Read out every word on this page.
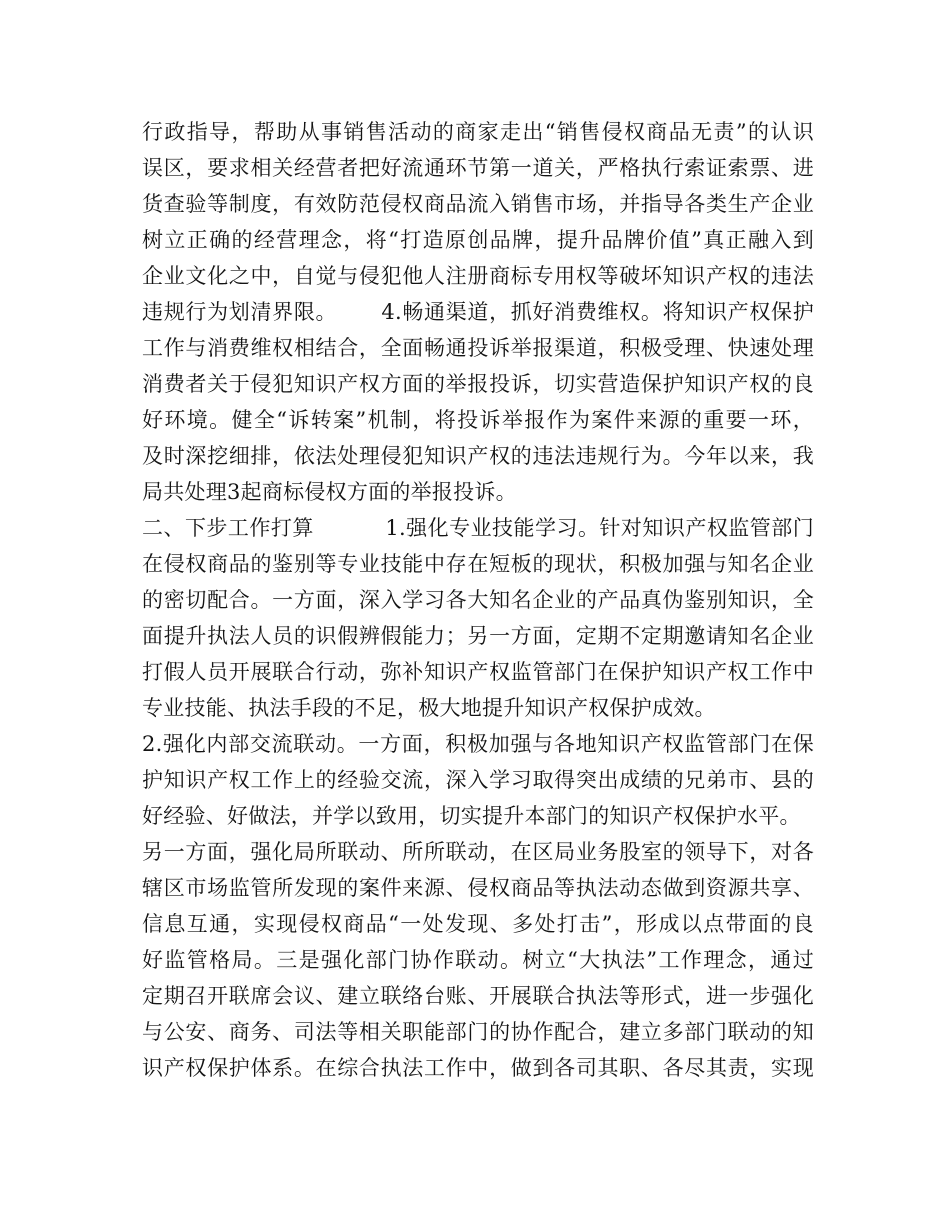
行政指导，帮助从事销售活动的商家走出“销售侵权商品无责”的认识
误区，要求相关经营者把好流通环节第一道关，严格执行索证索票、进
货查验等制度，有效防范侵权商品流入销售市场，并指导各类生产企业
树立正确的经营理念，将“打造原创品牌，提升品牌价值”真正融入到
企业文化之中，自觉与侵犯他人注册商标专用权等破坏知识产权的违法
违规行为划清界限。      4.畅通渠道，抓好消费维权。将知识产权保护
工作与消费维权相结合，全面畅通投诉举报渠道，积极受理、快速处理
消费者关于侵犯知识产权方面的举报投诉，切实营造保护知识产权的良
好环境。健全“诉转案”机制，将投诉举报作为案件来源的重要一环，
及时深挖细排，依法处理侵犯知识产权的违法违规行为。今年以来，我
局共处理3起商标侵权方面的举报投诉。
二、下步工作打算          1.强化专业技能学习。针对知识产权监管部门
在侵权商品的鉴别等专业技能中存在短板的现状，积极加强与知名企业
的密切配合。一方面，深入学习各大知名企业的产品真伪鉴别知识，全
面提升执法人员的识假辨假能力；另一方面，定期不定期邀请知名企业
打假人员开展联合行动，弥补知识产权监管部门在保护知识产权工作中
专业技能、执法手段的不足，极大地提升知识产权保护成效。
2.强化内部交流联动。一方面，积极加强与各地知识产权监管部门在保
护知识产权工作上的经验交流，深入学习取得突出成绩的兄弟市、县的
好经验、好做法，并学以致用，切实提升本部门的知识产权保护水平。
另一方面，强化局所联动、所所联动，在区局业务股室的领导下，对各
辖区市场监管所发现的案件来源、侵权商品等执法动态做到资源共享、
信息互通，实现侵权商品“一处发现、多处打击”，形成以点带面的良
好监管格局。三是强化部门协作联动。树立“大执法”工作理念，通过
定期召开联席会议、建立联络台账、开展联合执法等形式，进一步强化
与公安、商务、司法等相关职能部门的协作配合，建立多部门联动的知
识产权保护体系。在综合执法工作中，做到各司其职、各尽其责，实现
